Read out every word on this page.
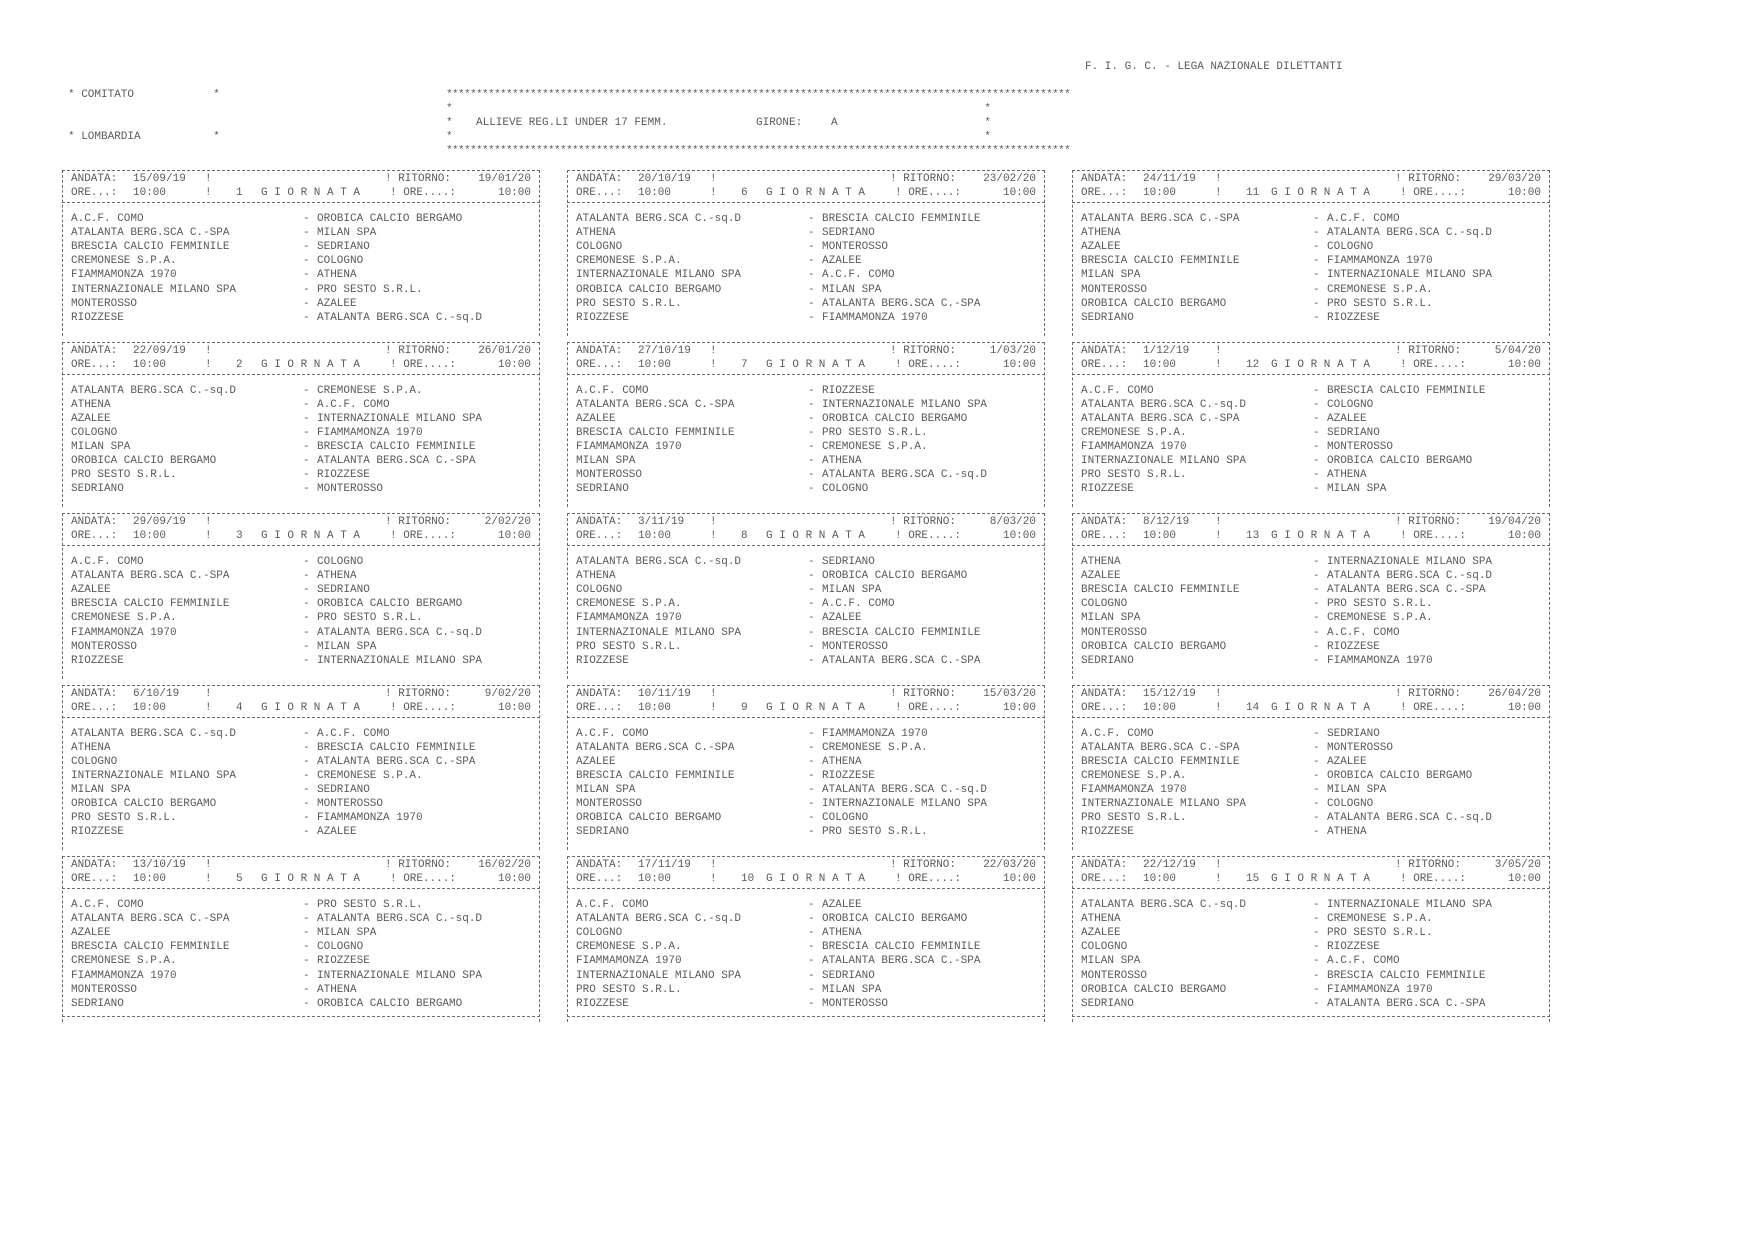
* COMITATO            *

* LOMBARDIA           *

F. I. G. C. - LEGA NAZIONALE DILETTANTI
********************************************************************************************************
*	*
* ALLIEVE REG.LI UNDER 17 FEMM.	GIRONE:	A	*
*	*
********************************************************************************************************
ANDATA: 15/09/19 !	! RITORNO: 19/01/20
ORE...: 10:00	! 1 G I O R N A T A	! ORE....:	10:00
A.C.F. COMO	- OROBICA CALCIO BERGAMO
ATALANTA BERG.SCA C.-SPA	- MILAN SPA
BRESCIA CALCIO FEMMINILE	- SEDRIANO
CREMONESE S.P.A.	- COLOGNO
FIAMMAMONZA 1970	- ATHENA
INTERNAZIONALE MILANO SPA	- PRO SESTO S.R.L.
MONTEROSSO	- AZALEE
RIOZZESE	- ATALANTA BERG.SCA C.-sq.D
ANDATA: 22/09/19 !	! RITORNO: 26/01/20
ORE...: 10:00	! 2 G I O R N A T A	! ORE....:	10:00
ATALANTA BERG.SCA C.-sq.D	- CREMONESE S.P.A.
ATHENA	- A.C.F. COMO
AZALEE	- INTERNAZIONALE MILANO SPA
COLOGNO	- FIAMMAMONZA 1970
MILAN SPA	- BRESCIA CALCIO FEMMINILE
OROBICA CALCIO BERGAMO	- ATALANTA BERG.SCA C.-SPA
PRO SESTO S.R.L.	- RIOZZESE
SEDRIANO	- MONTEROSSO
ANDATA: 29/09/19 !	! RITORNO:	2/02/20
ORE...: 10:00	! 3 G I O R N A T A	! ORE....:	10:00
A.C.F. COMO	- COLOGNO
ATALANTA BERG.SCA C.-SPA	- ATHENA
AZALEE	- SEDRIANO
BRESCIA CALCIO FEMMINILE	- OROBICA CALCIO BERGAMO
CREMONESE S.P.A.	- PRO SESTO S.R.L.
FIAMMAMONZA 1970	- ATALANTA BERG.SCA C.-sq.D
MONTEROSSO	- MILAN SPA
RIOZZESE	- INTERNAZIONALE MILANO SPA
ANDATA: 6/10/19 !	! RITORNO:	9/02/20
ORE...: 10:00	! 4 G I O R N A T A	! ORE....:	10:00
ATALANTA BERG.SCA C.-sq.D	- A.C.F. COMO
ATHENA	- BRESCIA CALCIO FEMMINILE
COLOGNO	- ATALANTA BERG.SCA C.-SPA
INTERNAZIONALE MILANO SPA	- CREMONESE S.P.A.
MILAN SPA	- SEDRIANO
OROBICA CALCIO BERGAMO	- MONTEROSSO
PRO SESTO S.R.L.	- FIAMMAMONZA 1970
RIOZZESE	- AZALEE
ANDATA: 13/10/19 !	! RITORNO: 16/02/20
ORE...: 10:00	! 5 G I O R N A T A	! ORE....:	10:00
A.C.F. COMO	- PRO SESTO S.R.L.
ATALANTA BERG.SCA C.-SPA	- ATALANTA BERG.SCA C.-sq.D
AZALEE	- MILAN SPA
BRESCIA CALCIO FEMMINILE	- COLOGNO
CREMONESE S.P.A.	- RIOZZESE
FIAMMAMONZA 1970	- INTERNAZIONALE MILANO SPA
MONTEROSSO	- ATHENA
SEDRIANO	- OROBICA CALCIO BERGAMO
ANDATA: 20/10/19 !	! RITORNO: 23/02/20
ORE...: 10:00	! 6 G I O R N A T A	! ORE....:	10:00
ATALANTA BERG.SCA C.-sq.D	- BRESCIA CALCIO FEMMINILE
ATHENA	- SEDRIANO
COLOGNO	- MONTEROSSO
CREMONESE S.P.A.	- AZALEE
INTERNAZIONALE MILANO SPA	- A.C.F. COMO
OROBICA CALCIO BERGAMO	- MILAN SPA
PRO SESTO S.R.L.	- ATALANTA BERG.SCA C.-SPA
RIOZZESE	- FIAMMAMONZA 1970
ANDATA: 27/10/19 !	! RITORNO:	1/03/20
ORE...: 10:00	! 7 G I O R N A T A	! ORE....:	10:00
A.C.F. COMO	- RIOZZESE
ATALANTA BERG.SCA C.-SPA	- INTERNAZIONALE MILANO SPA
AZALEE	- OROBICA CALCIO BERGAMO
BRESCIA CALCIO FEMMINILE	- PRO SESTO S.R.L.
FIAMMAMONZA 1970	- CREMONESE S.P.A.
MILAN SPA	- ATHENA
MONTEROSSO	- ATALANTA BERG.SCA C.-sq.D
SEDRIANO	- COLOGNO
ANDATA: 3/11/19 !	! RITORNO:	8/03/20
ORE...: 10:00	! 8 G I O R N A T A	! ORE....:	10:00
ATALANTA BERG.SCA C.-sq.D	- SEDRIANO
ATHENA	- OROBICA CALCIO BERGAMO
COLOGNO	- MILAN SPA
CREMONESE S.P.A.	- A.C.F. COMO
FIAMMAMONZA 1970	- AZALEE
INTERNAZIONALE MILANO SPA	- BRESCIA CALCIO FEMMINILE
PRO SESTO S.R.L.	- MONTEROSSO
RIOZZESE	- ATALANTA BERG.SCA C.-SPA
ANDATA: 10/11/19 !	! RITORNO: 15/03/20
ORE...: 10:00	! 9 G I O R N A T A	! ORE....:	10:00
A.C.F. COMO	- FIAMMAMONZA 1970
ATALANTA BERG.SCA C.-SPA	- CREMONESE S.P.A.
AZALEE	- ATHENA
BRESCIA CALCIO FEMMINILE	- RIOZZESE
MILAN SPA	- ATALANTA BERG.SCA C.-sq.D
MONTEROSSO	- INTERNAZIONALE MILANO SPA
OROBICA CALCIO BERGAMO	- COLOGNO
SEDRIANO	- PRO SESTO S.R.L.
ANDATA: 17/11/19 !	! RITORNO: 22/03/20
ORE...: 10:00	! 10 G I O R N A T A	! ORE....:	10:00
A.C.F. COMO	- AZALEE
ATALANTA BERG.SCA C.-sq.D	- OROBICA CALCIO BERGAMO
COLOGNO	- ATHENA
CREMONESE S.P.A.	- BRESCIA CALCIO FEMMINILE
FIAMMAMONZA 1970	- ATALANTA BERG.SCA C.-SPA
INTERNAZIONALE MILANO SPA	- SEDRIANO
PRO SESTO S.R.L.	- MILAN SPA
RIOZZESE	- MONTEROSSO
ANDATA: 24/11/19 !	! RITORNO: 29/03/20
ORE...: 10:00	! 11 G I O R N A T A	! ORE....:	10:00
ATALANTA BERG.SCA C.-SPA	- A.C.F. COMO
ATHENA	- ATALANTA BERG.SCA C.-sq.D
AZALEE	- COLOGNO
BRESCIA CALCIO FEMMINILE	- FIAMMAMONZA 1970
MILAN SPA	- INTERNAZIONALE MILANO SPA
MONTEROSSO	- CREMONESE S.P.A.
OROBICA CALCIO BERGAMO	- PRO SESTO S.R.L.
SEDRIANO	- RIOZZESE
ANDATA: 1/12/19 !	! RITORNO:	5/04/20
ORE...: 10:00	! 12 G I O R N A T A	! ORE....:	10:00
A.C.F. COMO	- BRESCIA CALCIO FEMMINILE
ATALANTA BERG.SCA C.-sq.D	- COLOGNO
ATALANTA BERG.SCA C.-SPA	- AZALEE
CREMONESE S.P.A.	- SEDRIANO
FIAMMAMONZA 1970	- MONTEROSSO
INTERNAZIONALE MILANO SPA	- OROBICA CALCIO BERGAMO
PRO SESTO S.R.L.	- ATHENA
RIOZZESE	- MILAN SPA
ANDATA: 8/12/19 !	! RITORNO: 19/04/20
ORE...: 10:00	! 13 G I O R N A T A	! ORE....:	10:00
ATHENA	- INTERNAZIONALE MILANO SPA
AZALEE	- ATALANTA BERG.SCA C.-sq.D
BRESCIA CALCIO FEMMINILE	- ATALANTA BERG.SCA C.-SPA
COLOGNO	- PRO SESTO S.R.L.
MILAN SPA	- CREMONESE S.P.A.
MONTEROSSO	- A.C.F. COMO
OROBICA CALCIO BERGAMO	- RIOZZESE
SEDRIANO	- FIAMMAMONZA 1970
ANDATA: 15/12/19 !	! RITORNO: 26/04/20
ORE...: 10:00	! 14 G I O R N A T A	! ORE....:	10:00
A.C.F. COMO	- SEDRIANO
ATALANTA BERG.SCA C.-SPA	- MONTEROSSO
BRESCIA CALCIO FEMMINILE	- AZALEE
CREMONESE S.P.A.	- OROBICA CALCIO BERGAMO
FIAMMAMONZA 1970	- MILAN SPA
INTERNAZIONALE MILANO SPA	- COLOGNO
PRO SESTO S.R.L.	- ATALANTA BERG.SCA C.-sq.D
RIOZZESE	- ATHENA
ANDATA: 22/12/19 !	! RITORNO:	3/05/20
ORE...: 10:00	! 15 G I O R N A T A	! ORE....:	10:00
ATALANTA BERG.SCA C.-sq.D	- INTERNAZIONALE MILANO SPA
ATHENA	- CREMONESE S.P.A.
AZALEE	- PRO SESTO S.R.L.
COLOGNO	- RIOZZESE
MILAN SPA	- A.C.F. COMO
MONTEROSSO	- BRESCIA CALCIO FEMMINILE
OROBICA CALCIO BERGAMO	- FIAMMAMONZA 1970
SEDRIANO	- ATALANTA BERG.SCA C.-SPA
